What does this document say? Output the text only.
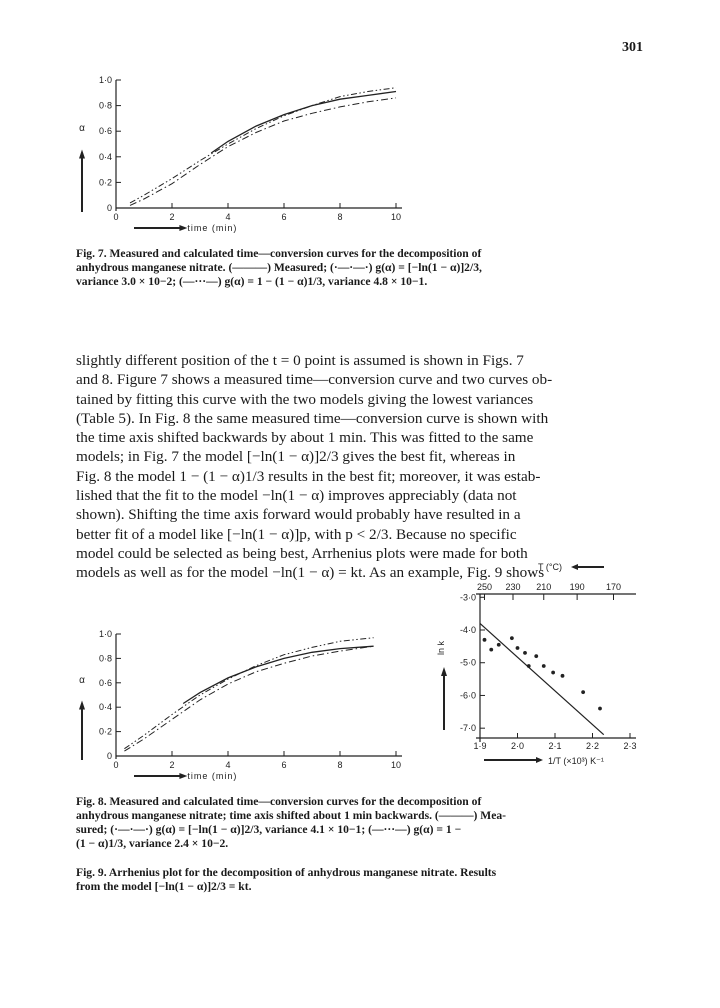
301
0	2	4	6	8	10
0
0·2
0·4
0·6
0·8
1·0
α
time (min)
Fig. 7. Measured and calculated time—conversion curves for the decomposition of
anhydrous manganese nitrate. (———) Measured; (·—·—·) g(α) = [−ln(1 − α)]2/3,
variance 3.0 × 10−2; (—···—) g(α) = 1 − (1 − α)1/3, variance 4.8 × 10−1.
slightly different position of the t = 0 point is assumed is shown in Figs. 7
and 8. Figure 7 shows a measured time—conversion curve and two curves ob-
tained by fitting this curve with the two models giving the lowest variances
(Table 5). In Fig. 8 the same measured time—conversion curve is shown with
the time axis shifted backwards by about 1 min. This was fitted to the same
models; in Fig. 7 the model [−ln(1 − α)]2/3 gives the best fit, whereas in
Fig. 8 the model 1 − (1 − α)1/3 results in the best fit; moreover, it was estab-
lished that the fit to the model −ln(1 − α) improves appreciably (data not
shown). Shifting the time axis forward would probably have resulted in a
better fit of a model like [−ln(1 − α)]p, with p < 2/3. Because no specific
model could be selected as being best, Arrhenius plots were made for both
models as well as for the model −ln(1 − α) = kt. As an example, Fig. 9 shows
0	2	4	6	8	10
0
0·2
0·4
0·6
0·8
1·0
α
time (min)
1·9	2·0	2·1	2·2	2·3
-3·0
-4·0
-5·0
-6·0
-7·0
250 230 210 190 170
T (°C)
ln k
1/T (×10³) K⁻¹
Fig. 8. Measured and calculated time—conversion curves for the decomposition of
anhydrous manganese nitrate; time axis shifted about 1 min backwards. (———) Mea-
sured; (·—·—·) g(α) = [−ln(1 − α)]2/3, variance 4.1 × 10−1; (—···—) g(α) = 1 −
(1 − α)1/3, variance 2.4 × 10−2.
Fig. 9. Arrhenius plot for the decomposition of anhydrous manganese nitrate. Results
from the model [−ln(1 − α)]2/3 = kt.
